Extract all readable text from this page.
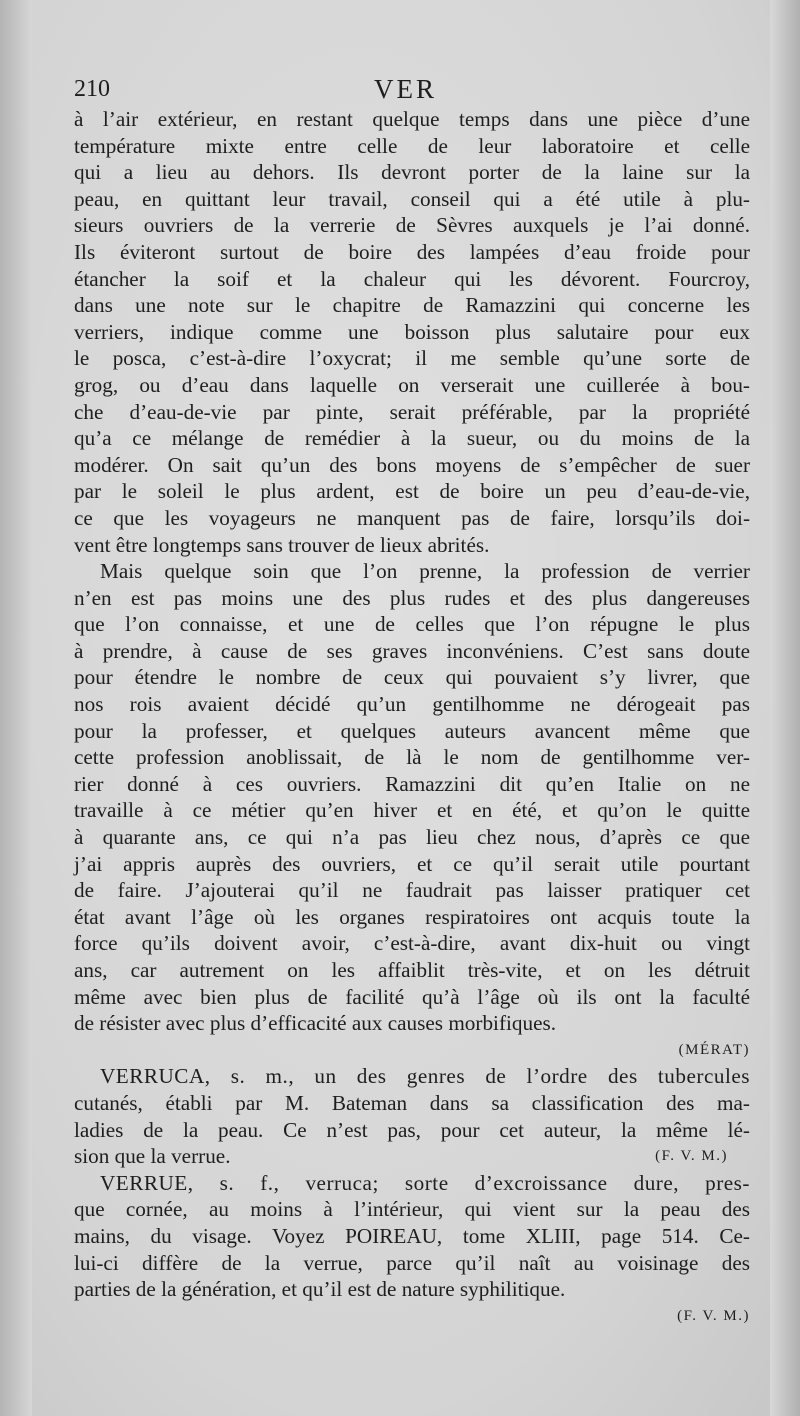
210	VER
à l’air extérieur, en restant quelque temps dans une pièce d’une
température mixte entre celle de leur laboratoire et celle
qui a lieu au dehors. Ils devront porter de la laine sur la
peau, en quittant leur travail, conseil qui a été utile à plu-
sieurs ouvriers de la verrerie de Sèvres auxquels je l’ai donné.
Ils éviteront surtout de boire des lampées d’eau froide pour
étancher la soif et la chaleur qui les dévorent. Fourcroy,
dans une note sur le chapitre de Ramazzini qui concerne les
verriers, indique comme une boisson plus salutaire pour eux
le posca, c’est-à-dire l’oxycrat; il me semble qu’une sorte de
grog, ou d’eau dans laquelle on verserait une cuillerée à bou-
che d’eau-de-vie par pinte, serait préférable, par la propriété
qu’a ce mélange de remédier à la sueur, ou du moins de la
modérer. On sait qu’un des bons moyens de s’empêcher de suer
par le soleil le plus ardent, est de boire un peu d’eau-de-vie,
ce que les voyageurs ne manquent pas de faire, lorsqu’ils doi-
vent être longtemps sans trouver de lieux abrités.
Mais quelque soin que l’on prenne, la profession de verrier
n’en est pas moins une des plus rudes et des plus dangereuses
que l’on connaisse, et une de celles que l’on répugne le plus
à prendre, à cause de ses graves inconvéniens. C’est sans doute
pour étendre le nombre de ceux qui pouvaient s’y livrer, que
nos rois avaient décidé qu’un gentilhomme ne dérogeait pas
pour la professer, et quelques auteurs avancent même que
cette profession anoblissait, de là le nom de gentilhomme ver-
rier donné à ces ouvriers. Ramazzini dit qu’en Italie on ne
travaille à ce métier qu’en hiver et en été, et qu’on le quitte
à quarante ans, ce qui n’a pas lieu chez nous, d’après ce que
j’ai appris auprès des ouvriers, et ce qu’il serait utile pourtant
de faire. J’ajouterai qu’il ne faudrait pas laisser pratiquer cet
état avant l’âge où les organes respiratoires ont acquis toute la
force qu’ils doivent avoir, c’est-à-dire, avant dix-huit ou vingt
ans, car autrement on les affaiblit très-vite, et on les détruit
même avec bien plus de facilité qu’à l’âge où ils ont la faculté
de résister avec plus d’efficacité aux causes morbifiques.
(MÉRAT)
VERRUCA, s. m., un des genres de l’ordre des tubercules
cutanés, établi par M. Bateman dans sa classification des ma-
ladies de la peau. Ce n’est pas, pour cet auteur, la même lé-
sion que la verrue.	(F. V. M.)
VERRUE, s. f., verruca; sorte d’excroissance dure, pres-
que cornée, au moins à l’intérieur, qui vient sur la peau des
mains, du visage. Voyez POIREAU, tome XLIII, page 514. Ce-
lui-ci diffère de la verrue, parce qu’il naît au voisinage des
parties de la génération, et qu’il est de nature syphilitique.
(F. V. M.)
